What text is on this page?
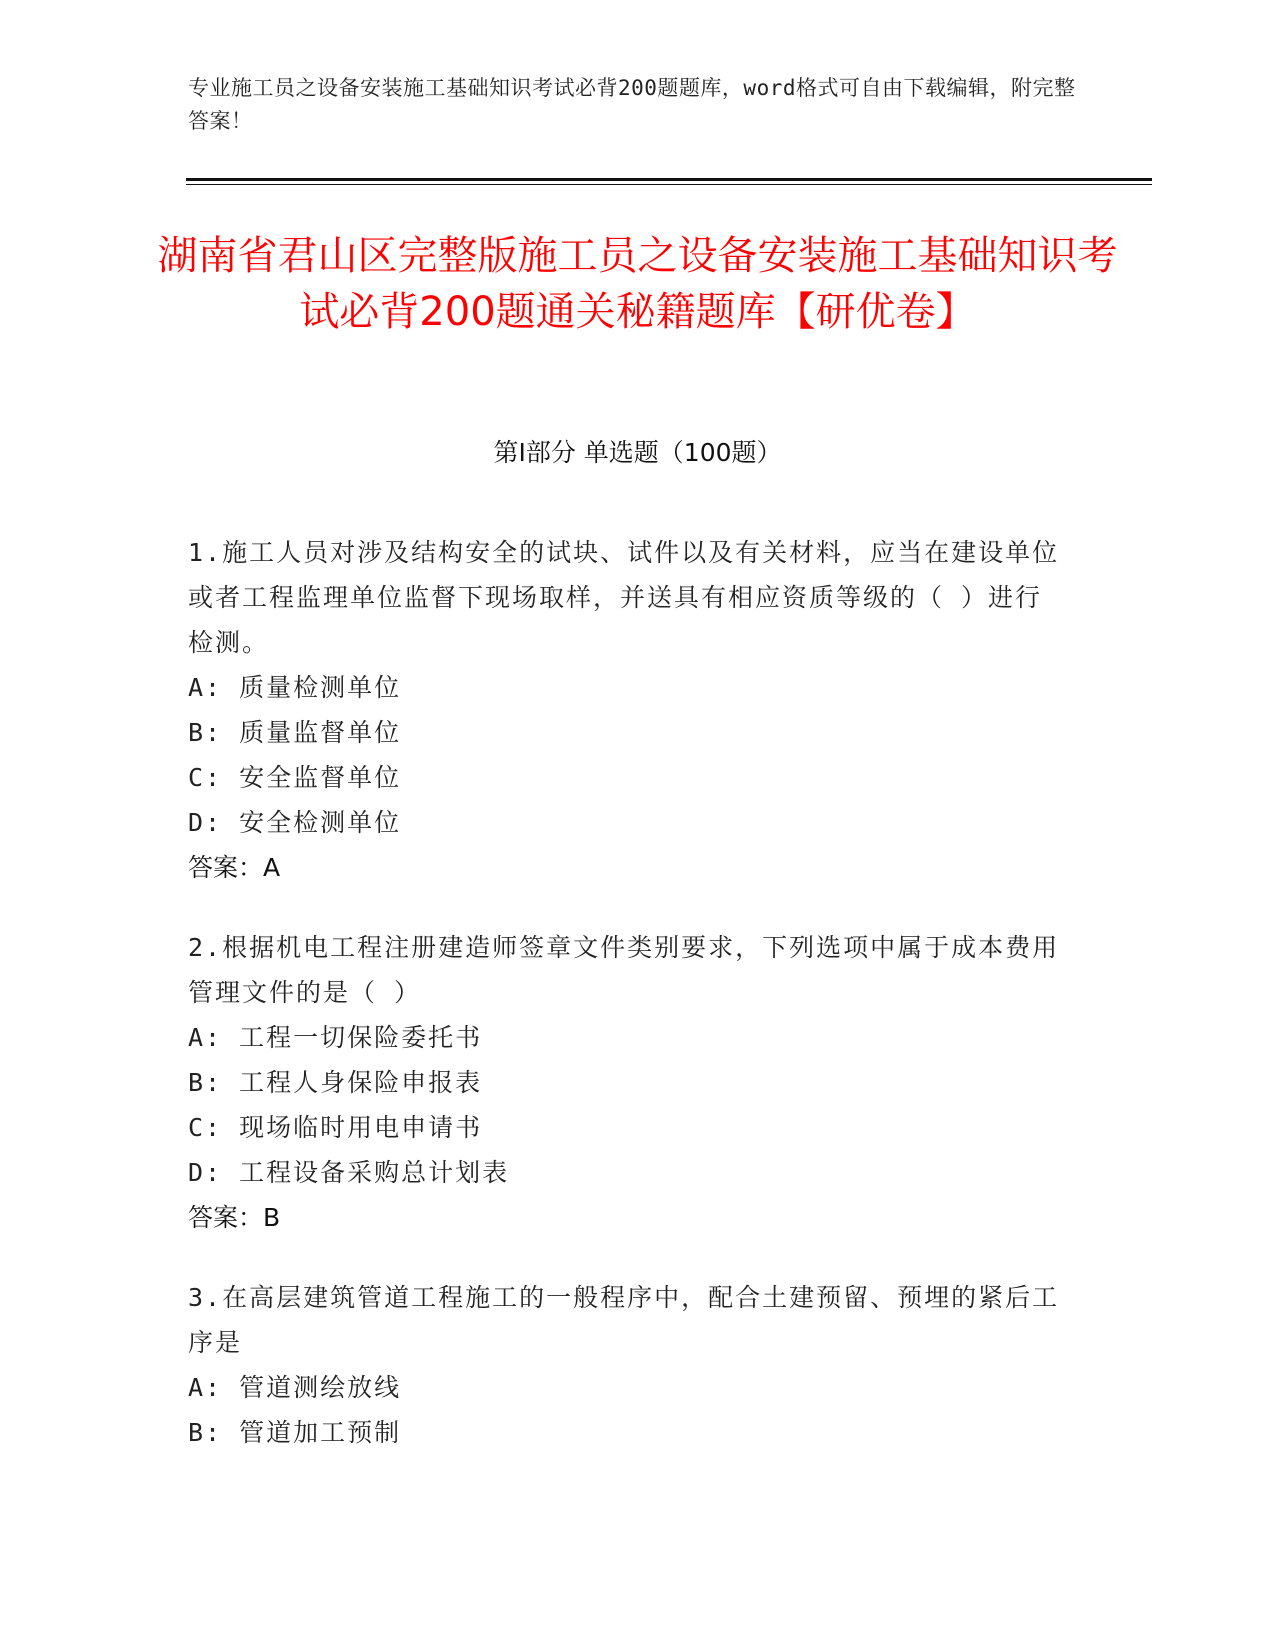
专业施工员之设备安装施工基础知识考试必背200题题库，word格式可自由下载编辑，附完整答案！
湖南省君山区完整版施工员之设备安装施工基础知识考试必背200题通关秘籍题库【研优卷】
第Ⅰ部分 单选题（100题）
1.施工人员对涉及结构安全的试块、试件以及有关材料，应当在建设单位或者工程监理单位监督下现场取样，并送具有相应资质等级的（ ）进行检测。
A: 质量检测单位
B: 质量监督单位
C: 安全监督单位
D: 安全检测单位
答案：A
2.根据机电工程注册建造师签章文件类别要求，下列选项中属于成本费用管理文件的是（ ）
A: 工程一切保险委托书
B: 工程人身保险申报表
C: 现场临时用电申请书
D: 工程设备采购总计划表
答案：B
3.在高层建筑管道工程施工的一般程序中，配合土建预留、预埋的紧后工序是
A: 管道测绘放线
B: 管道加工预制
